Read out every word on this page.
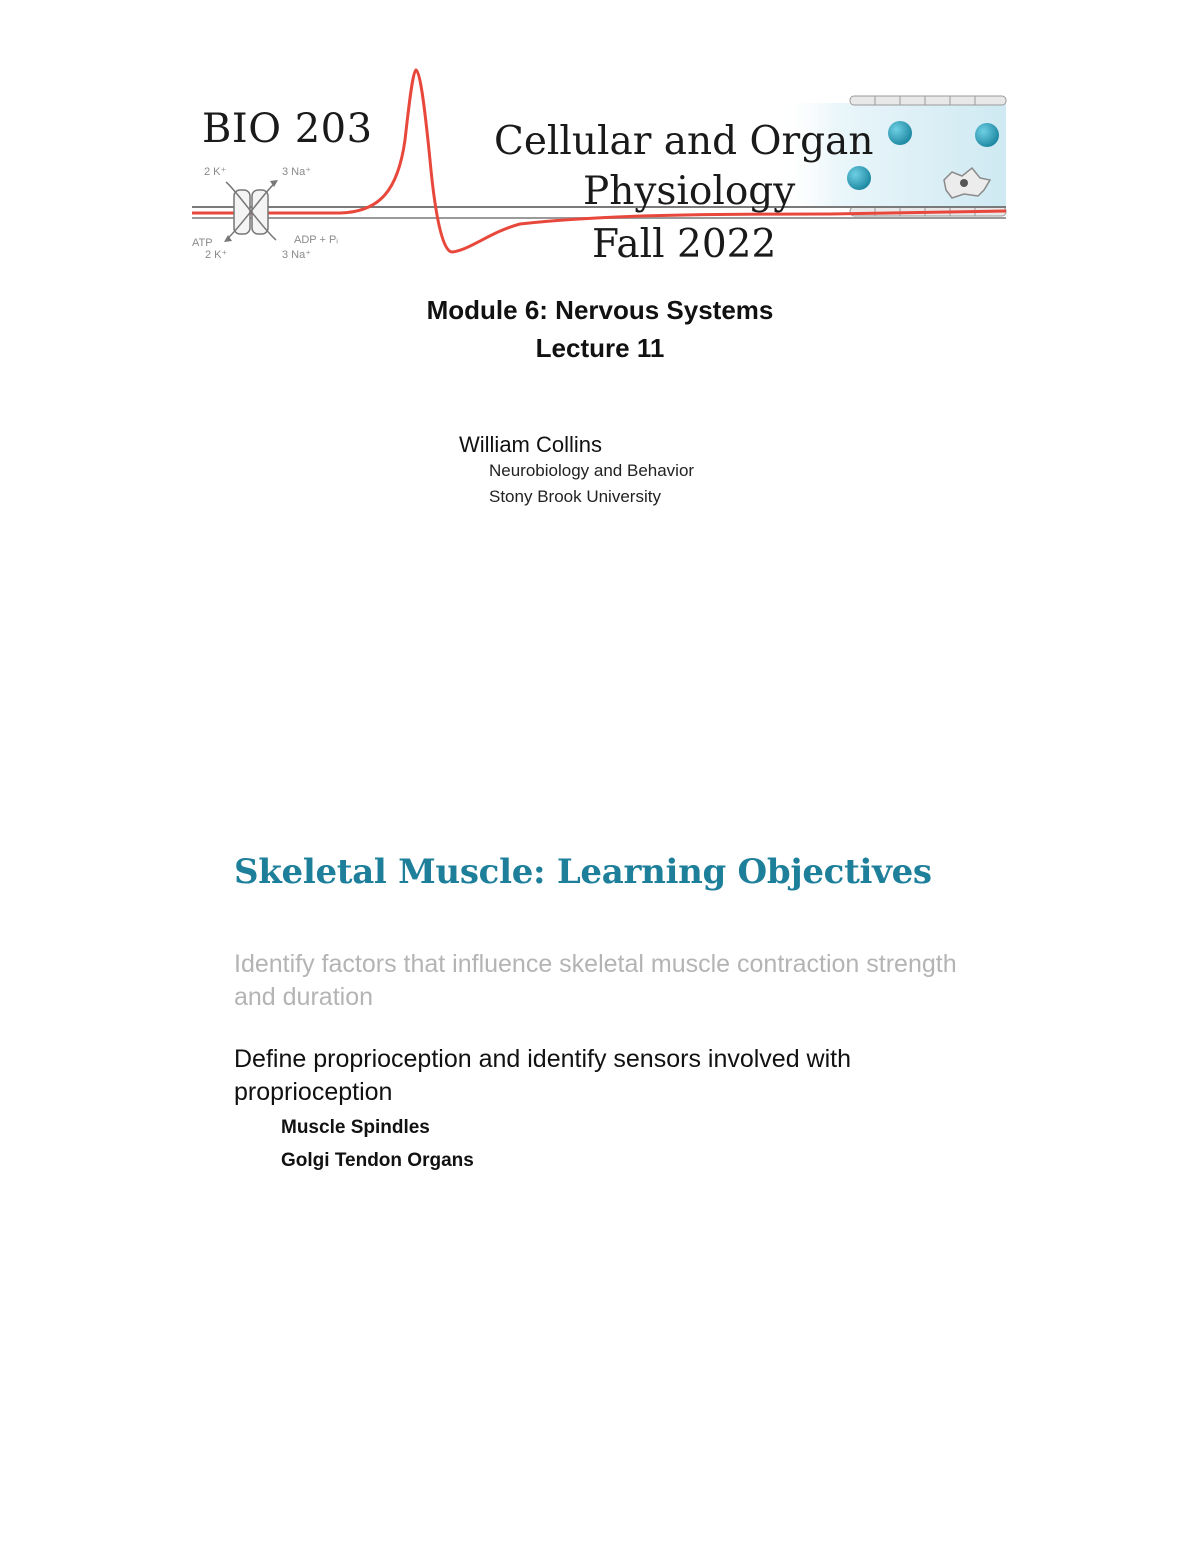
2 K⁺	3 Na⁺
ATP	ADP + Pᵢ
2 K⁺	3 Na⁺
BIO 203	Cellular and Organ
Physiology
Fall 2022
Module 6: Nervous Systems
Lecture 11
William Collins
Neurobiology and Behavior
Stony Brook University
Skeletal Muscle: Learning Objectives
Identify factors that influence skeletal muscle contraction strength and duration
Define proprioception and identify sensors involved with proprioception
Muscle Spindles
Golgi Tendon Organs
